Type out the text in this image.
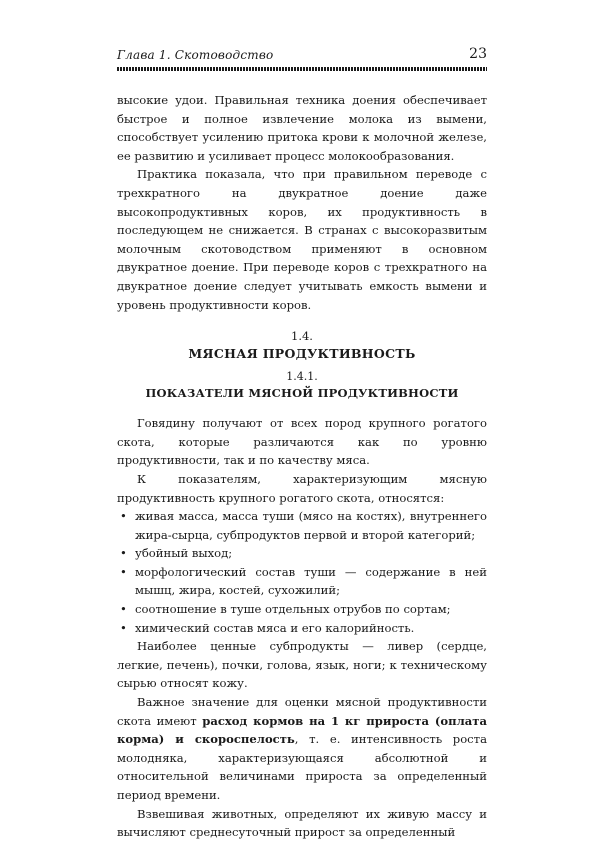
Глава 1. Скотоводство	23

высокие удои. Правильная техника доения обеспечивает быстрое и полное извлечение молока из вымени, способствует усилению притока крови к молочной железе, ее развитию и усиливает процесс молокообразования.

Практика показала, что при правильном переводе с трехкратного на двукратное доение даже высокопродуктивных коров, их продуктивность в последующем не снижается. В странах с высокоразвитым молочным скотоводством применяют в основном двукратное доение. При переводе коров с трехкратного на двукратное доение следует учитывать емкость вымени и уровень продуктивности коров.

1.4.

МЯСНАЯ ПРОДУКТИВНОСТЬ

1.4.1.

ПОКАЗАТЕЛИ МЯСНОЙ ПРОДУКТИВНОСТИ

Говядину получают от всех пород крупного рогатого скота, которые различаются как по уровню продуктивности, так и по качеству мяса.

К показателям, характеризующим мясную продуктивность крупного рогатого скота, относятся:

• живая масса, масса туши (мясо на костях), внутреннего жира-сырца, субпродуктов первой и второй категорий;
• убойный выход;
• морфологический состав туши — содержание в ней мышц, жира, костей, сухожилий;
• соотношение в туше отдельных отрубов по сортам;
• химический состав мяса и его калорийность.

Наиболее ценные субпродукты — ливер (сердце, легкие, печень), почки, голова, язык, ноги; к техническому сырью относят кожу.

Важное значение для оценки мясной продуктивности скота имеют расход кормов на 1 кг прироста (оплата корма) и скороспелость, т. е. интенсивность роста молодняка, характеризующаяся абсолютной и относительной величинами прироста за определенный период времени.

Взвешивая животных, определяют их живую массу и вычисляют среднесуточный прирост за определенный
